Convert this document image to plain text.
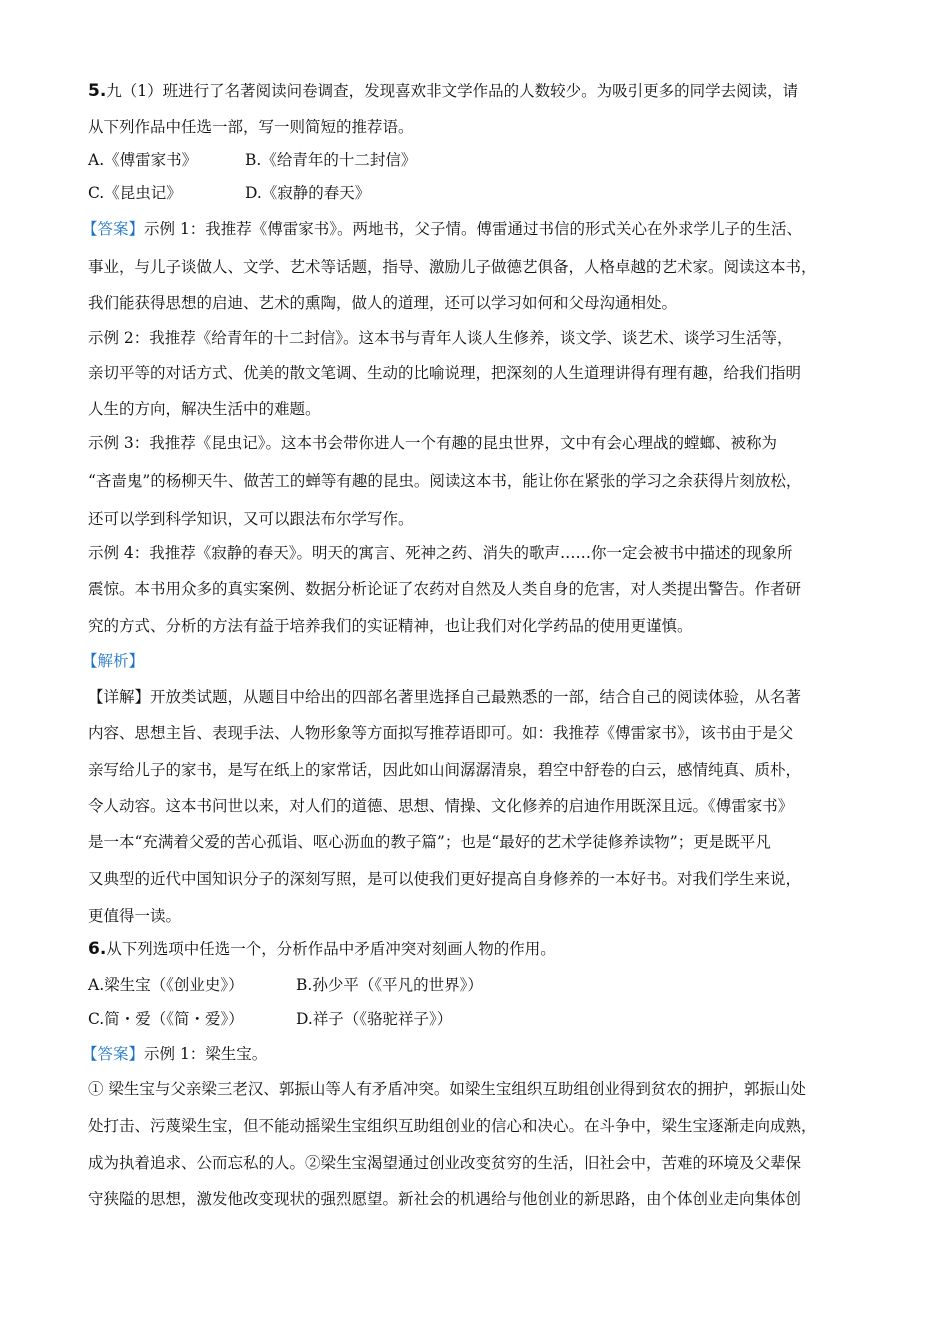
5.九（1）班进行了名著阅读问卷调查，发现喜欢非文学作品的人数较少。为吸引更多的同学去阅读，请
从下列作品中任选一部，写一则简短的推荐语。
A.《傅雷家书》	B.《给青年的十二封信》
C.《昆虫记》	D.《寂静的春天》
【答案】示例 1：我推荐《傅雷家书》。两地书，父子情。傅雷通过书信的形式关心在外求学儿子的生活、
事业，与儿子谈做人、文学、艺术等话题，指导、激励儿子做德艺俱备，人格卓越的艺术家。阅读这本书，
我们能获得思想的启迪、艺术的熏陶，做人的道理，还可以学习如何和父母沟通相处。
示例 2：我推荐《给青年的十二封信》。这本书与青年人谈人生修养，谈文学、谈艺术、谈学习生活等，
亲切平等的对话方式、优美的散文笔调、生动的比喻说理，把深刻的人生道理讲得有理有趣，给我们指明
人生的方向，解决生活中的难题。
示例 3：我推荐《昆虫记》。这本书会带你进人一个有趣的昆虫世界，文中有会心理战的螳螂、被称为
“吝啬鬼”的杨柳天牛、做苦工的蝉等有趣的昆虫。阅读这本书，能让你在紧张的学习之余获得片刻放松，
还可以学到科学知识，又可以跟法布尔学写作。
示例 4：我推荐《寂静的春天》。明天的寓言、死神之药、消失的歌声……你一定会被书中描述的现象所
震惊。本书用众多的真实案例、数据分析论证了农药对自然及人类自身的危害，对人类提出警告。作者研
究的方式、分析的方法有益于培养我们的实证精神，也让我们对化学药品的使用更谨慎。
【解析】
【详解】开放类试题，从题目中给出的四部名著里选择自己最熟悉的一部，结合自己的阅读体验，从名著
内容、思想主旨、表现手法、人物形象等方面拟写推荐语即可。如：我推荐《傅雷家书》，该书由于是父
亲写给儿子的家书，是写在纸上的家常话，因此如山间潺潺清泉，碧空中舒卷的白云，感情纯真、质朴，
令人动容。这本书问世以来，对人们的道德、思想、情操、文化修养的启迪作用既深且远。《傅雷家书》
是一本“充满着父爱的苦心孤诣、呕心沥血的教子篇”；也是“最好的艺术学徒修养读物”；更是既平凡
又典型的近代中国知识分子的深刻写照，是可以使我们更好提高自身修养的一本好书。对我们学生来说，
更值得一读。
6.从下列选项中任选一个，分析作品中矛盾冲突对刻画人物的作用。
A.梁生宝（《创业史》）	B.孙少平（《平凡的世界》）
C.简・爱（《简・爱》）	D.祥子（《骆驼祥子》）
【答案】示例 1：梁生宝。
① 梁生宝与父亲梁三老汉、郭振山等人有矛盾冲突。如梁生宝组织互助组创业得到贫农的拥护，郭振山处
处打击、污蔑梁生宝，但不能动摇梁生宝组织互助组创业的信心和决心。在斗争中，梁生宝逐渐走向成熟，
成为执着追求、公而忘私的人。②梁生宝渴望通过创业改变贫穷的生活，旧社会中，苦难的环境及父辈保
守狭隘的思想，激发他改变现状的强烈愿望。新社会的机遇给与他创业的新思路，由个体创业走向集体创
